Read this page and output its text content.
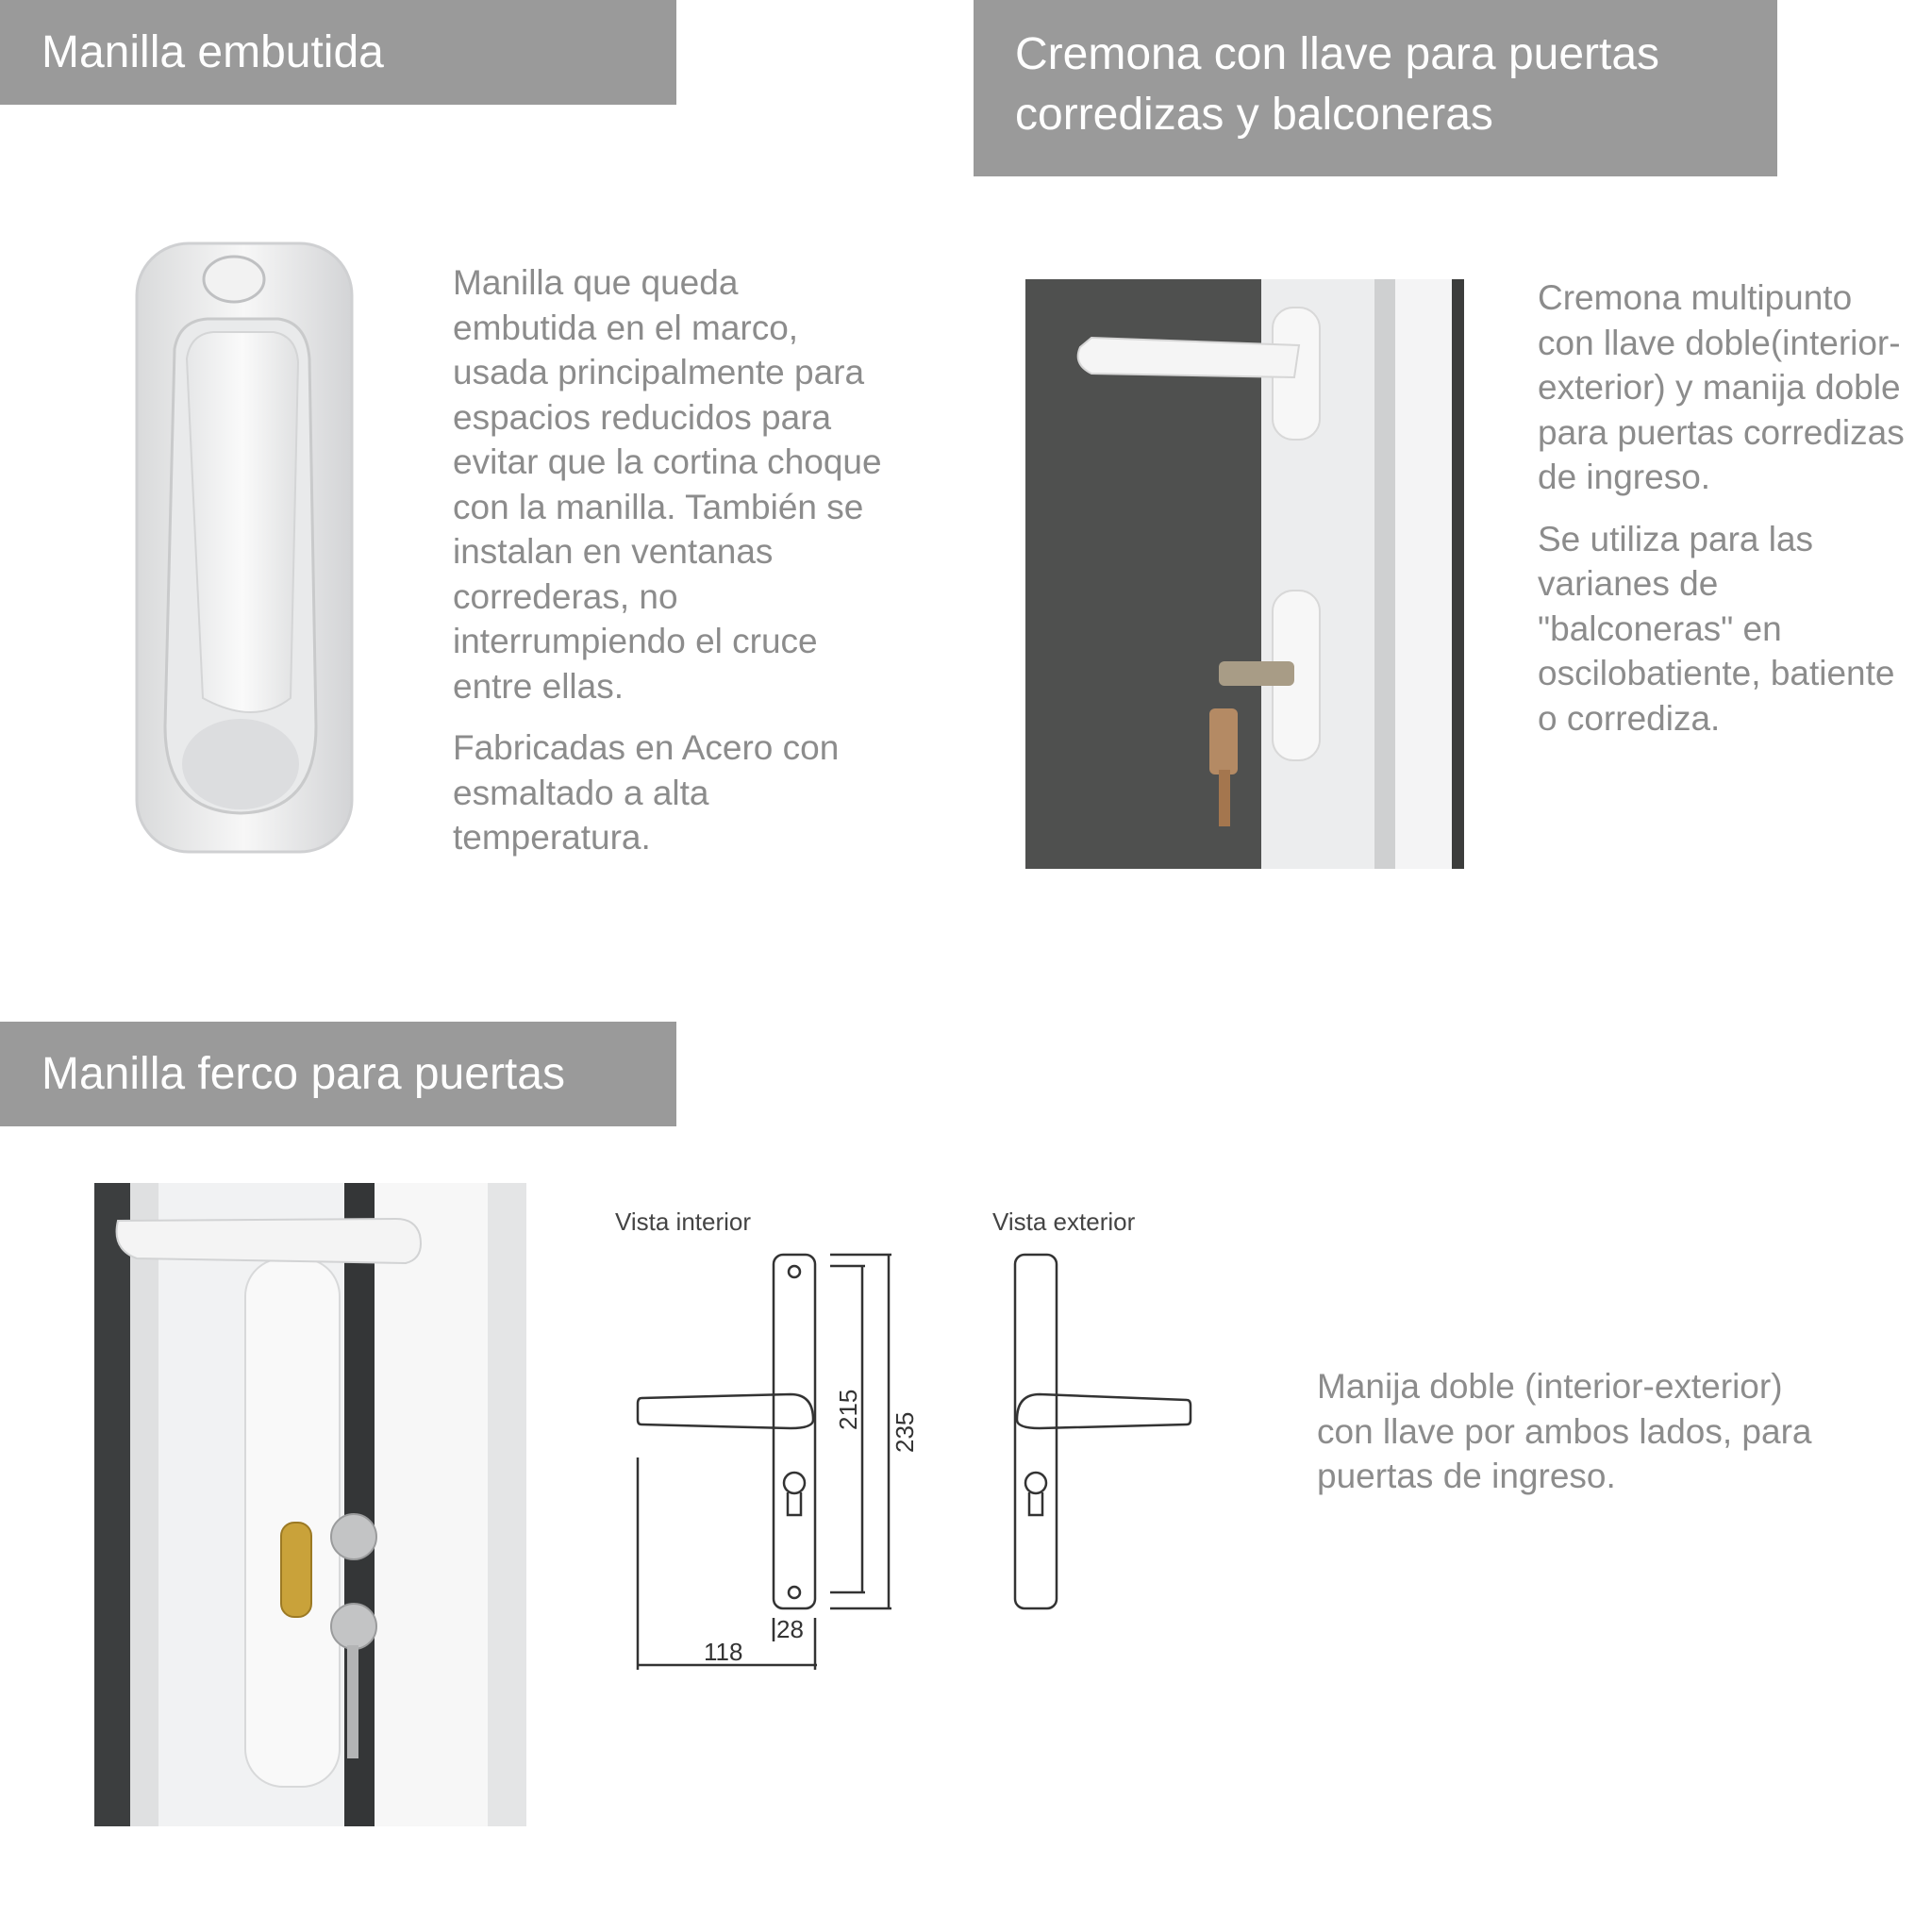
Manilla embutida	Cremona con llave para puertas
corredizas y balconeras
Manilla ferco para puertas

Manilla que queda embutida en el marco, usada principalmente para espacios reducidos para evitar que la cortina choque con la manilla. También se instalan en ventanas correderas, no interrumpiendo el cruce entre ellas.

Fabricadas en Acero con esmaltado a alta temperatura.

Cremona multipunto con llave doble(interior-exterior) y manija doble para puertas corredizas de ingreso.

Se utiliza para las varianes de "balconeras" en oscilobatiente, batiente o corrediza.

Manija doble (interior-exterior) con llave por ambos lados, para puertas de ingreso.

Vista interior	Vista exterior
118
28
215
235
